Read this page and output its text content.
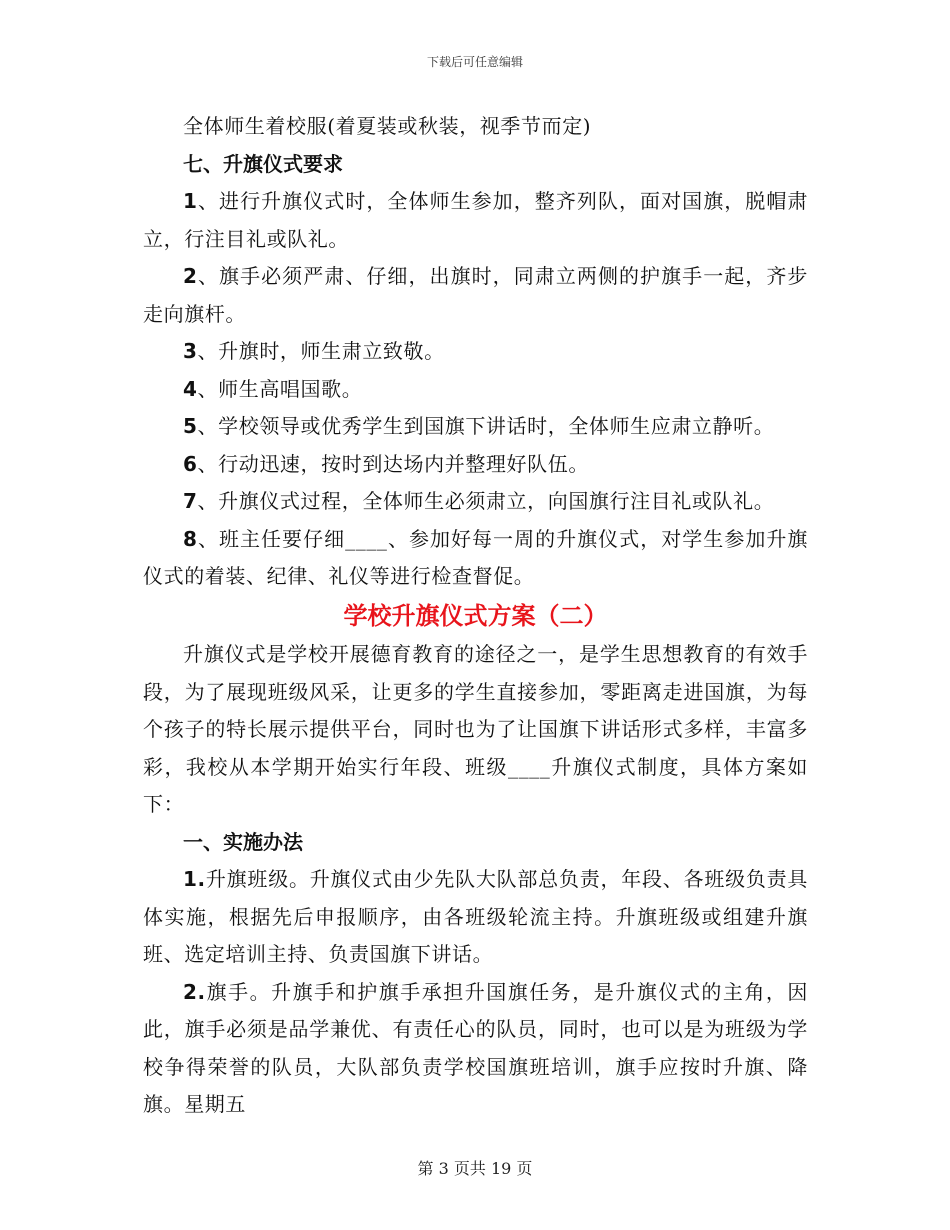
下载后可任意编辑

全体师生着校服(着夏装或秋装，视季节而定)

七、升旗仪式要求

1、进行升旗仪式时，全体师生参加，整齐列队，面对国旗，脱帽肃立，行注目礼或队礼。

2、旗手必须严肃、仔细，出旗时，同肃立两侧的护旗手一起，齐步走向旗杆。

3、升旗时，师生肃立致敬。

4、师生高唱国歌。

5、学校领导或优秀学生到国旗下讲话时，全体师生应肃立静听。

6、行动迅速，按时到达场内并整理好队伍。

7、升旗仪式过程，全体师生必须肃立，向国旗行注目礼或队礼。

8、班主任要仔细____、参加好每一周的升旗仪式，对学生参加升旗仪式的着装、纪律、礼仪等进行检查督促。

学校升旗仪式方案（二）

升旗仪式是学校开展德育教育的途径之一，是学生思想教育的有效手段，为了展现班级风采，让更多的学生直接参加，零距离走进国旗，为每个孩子的特长展示提供平台，同时也为了让国旗下讲话形式多样，丰富多彩，我校从本学期开始实行年段、班级____升旗仪式制度，具体方案如下：

一、实施办法

1.升旗班级。升旗仪式由少先队大队部总负责，年段、各班级负责具体实施，根据先后申报顺序，由各班级轮流主持。升旗班级或组建升旗班、选定培训主持、负责国旗下讲话。

2.旗手。升旗手和护旗手承担升国旗任务，是升旗仪式的主角，因此，旗手必须是品学兼优、有责任心的队员，同时，也可以是为班级为学校争得荣誉的队员，大队部负责学校国旗班培训，旗手应按时升旗、降旗。星期五

第 3 页共 19 页
